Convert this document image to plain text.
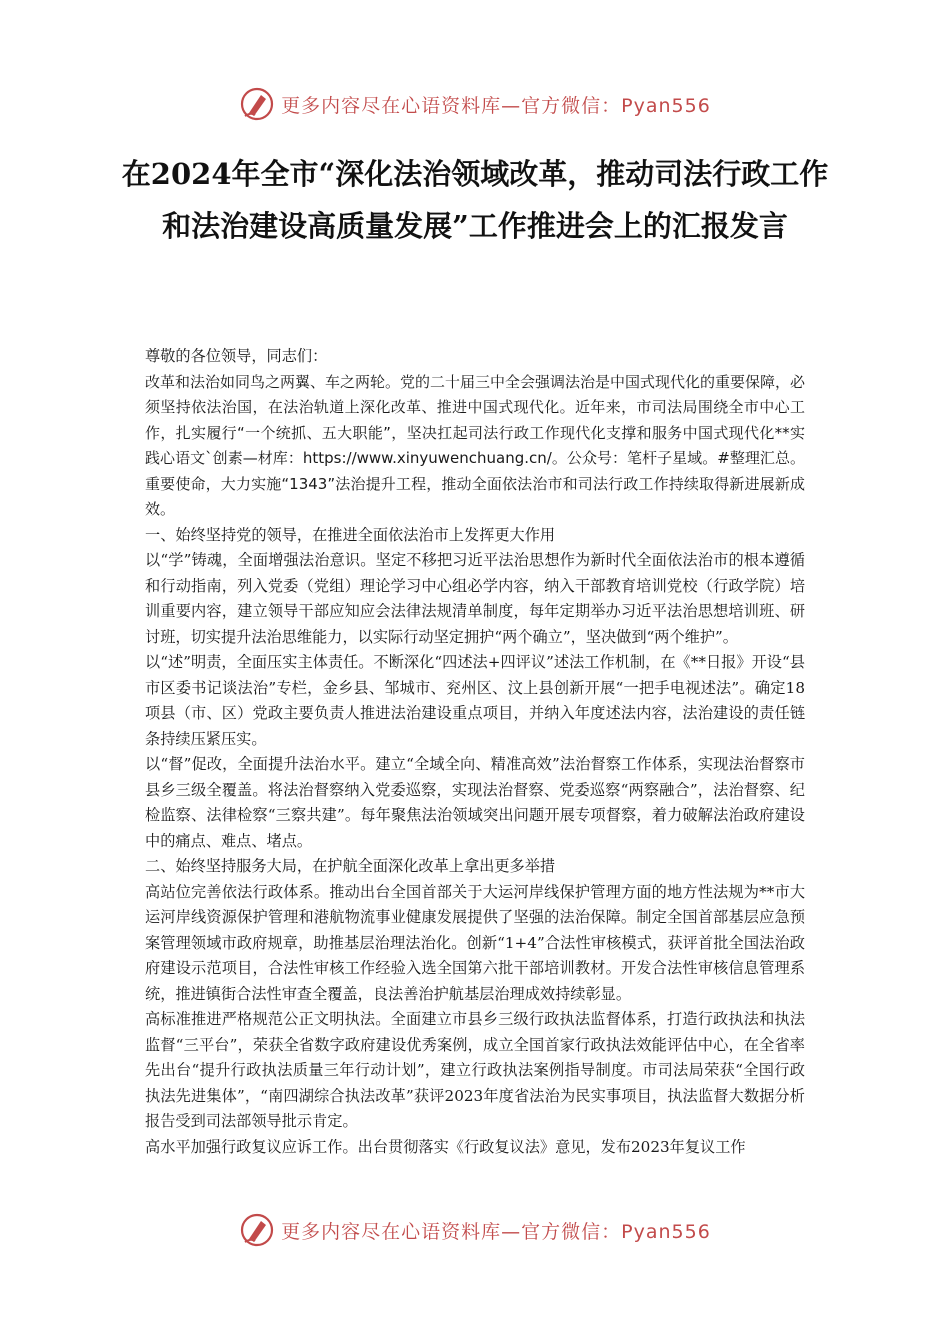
更多内容尽在心语资料库—官方微信：Pyan556
在2024年全市“深化法治领域改革，推动司法行政工作和法治建设高质量发展”工作推进会上的汇报发言

尊敬的各位领导，同志们：

改革和法治如同鸟之两翼、车之两轮。党的二十届三中全会强调法治是中国式现代化的重要保障，必须坚持依法治国，在法治轨道上深化改革、推进中国式现代化。近年来，市司法局围绕全市中心工作，扎实履行“一个统抓、五大职能”，坚决扛起司法行政工作现代化支撑和服务中国式现代化**实践心语文`创素—材库：https://www.xinyuwenchuang.cn/。公众号：笔杆子星域。#整理汇总。重要使命，大力实施“1343”法治提升工程，推动全面依法治市和司法行政工作持续取得新进展新成效。

一、始终坚持党的领导，在推进全面依法治市上发挥更大作用

以“学”铸魂，全面增强法治意识。坚定不移把习近平法治思想作为新时代全面依法治市的根本遵循和行动指南，列入党委（党组）理论学习中心组必学内容，纳入干部教育培训党校（行政学院）培训重要内容，建立领导干部应知应会法律法规清单制度，每年定期举办习近平法治思想培训班、研讨班，切实提升法治思维能力，以实际行动坚定拥护“两个确立”，坚决做到“两个维护”。

以“述”明责，全面压实主体责任。不断深化“四述法+四评议”述法工作机制，在《**日报》开设“县市区委书记谈法治”专栏，金乡县、邹城市、兖州区、汶上县创新开展“一把手电视述法”。确定18项县（市、区）党政主要负责人推进法治建设重点项目，并纳入年度述法内容，法治建设的责任链条持续压紧压实。

以“督”促改，全面提升法治水平。建立“全域全向、精准高效”法治督察工作体系，实现法治督察市县乡三级全覆盖。将法治督察纳入党委巡察，实现法治督察、党委巡察“两察融合”，法治督察、纪检监察、法律检察“三察共建”。每年聚焦法治领域突出问题开展专项督察，着力破解法治政府建设中的痛点、难点、堵点。

二、始终坚持服务大局，在护航全面深化改革上拿出更多举措

高站位完善依法行政体系。推动出台全国首部关于大运河岸线保护管理方面的地方性法规为**市大运河岸线资源保护管理和港航物流事业健康发展提供了坚强的法治保障。制定全国首部基层应急预案管理领域市政府规章，助推基层治理法治化。创新“1+4”合法性审核模式，获评首批全国法治政府建设示范项目，合法性审核工作经验入选全国第六批干部培训教材。开发合法性审核信息管理系统，推进镇街合法性审查全覆盖，良法善治护航基层治理成效持续彰显。

高标准推进严格规范公正文明执法。全面建立市县乡三级行政执法监督体系，打造行政执法和执法监督“三平台”，荣获全省数字政府建设优秀案例，成立全国首家行政执法效能评估中心，在全省率先出台“提升行政执法质量三年行动计划”，建立行政执法案例指导制度。市司法局荣获“全国行政执法先进集体”，“南四湖综合执法改革”获评2023年度省法治为民实事项目，执法监督大数据分析报告受到司法部领导批示肯定。

高水平加强行政复议应诉工作。出台贯彻落实《行政复议法》意见，发布2023年复议工作

更多内容尽在心语资料库—官方微信：Pyan556
